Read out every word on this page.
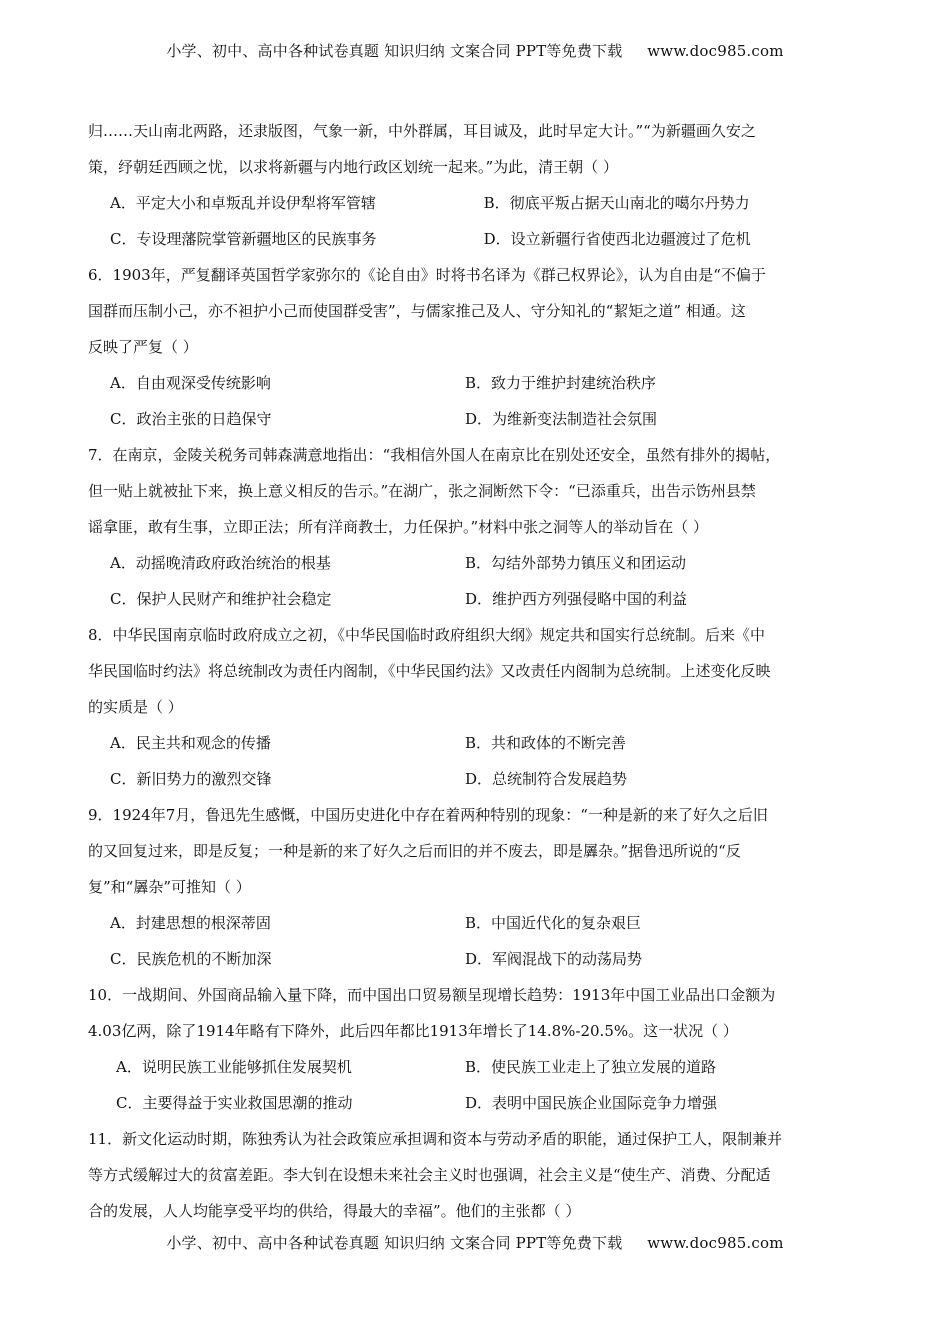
小学、初中、高中各种试卷真题 知识归纳 文案合同 PPT等免费下载     www.doc985.com
归……天山南北两路，还隶版图，气象一新，中外群属，耳目诚及，此时早定大计。”“为新疆画久安之
策，纾朝廷西顾之忧，以求将新疆与内地行政区划统一起来。”为此，清王朝（ ）
A．平定大小和卓叛乱并设伊犁将军管辖	B．彻底平叛占据天山南北的噶尔丹势力
C．专设理藩院掌管新疆地区的民族事务	D．设立新疆行省使西北边疆渡过了危机
6．1903年，严复翻译英国哲学家弥尔的《论自由》时将书名译为《群己权界论》，认为自由是“不偏于
国群而压制小己，亦不袒护小己而使国群受害”，与儒家推己及人、守分知礼的“絜矩之道” 相通。这
反映了严复（ ）
A．自由观深受传统影响	B．致力于维护封建统治秩序
C．政治主张的日趋保守	D．为维新变法制造社会氛围
7．在南京，金陵关税务司韩森满意地指出：“我相信外国人在南京比在别处还安全，虽然有排外的揭帖，
但一贴上就被扯下来，换上意义相反的告示。”在湖广，张之洞断然下令：“已添重兵，出告示饬州县禁
谣拿匪，敢有生事，立即正法；所有洋商教士，力任保护。”材料中张之洞等人的举动旨在（ ）
A．动摇晚清政府政治统治的根基	B．勾结外部势力镇压义和团运动
C．保护人民财产和维护社会稳定	D．维护西方列强侵略中国的利益
8．中华民国南京临时政府成立之初，《中华民国临时政府组织大纲》规定共和国实行总统制。后来《中
华民国临时约法》将总统制改为责任内阁制，《中华民国约法》又改责任内阁制为总统制。上述变化反映
的实质是（ ）
A．民主共和观念的传播	B．共和政体的不断完善
C．新旧势力的激烈交锋	D．总统制符合发展趋势
9．1924年7月，鲁迅先生感慨，中国历史进化中存在着两种特别的现象：“一种是新的来了好久之后旧
的又回复过来，即是反复；一种是新的来了好久之后而旧的并不废去，即是羼杂。”据鲁迅所说的“反
复”和“羼杂”可推知（ ）
A．封建思想的根深蒂固	B．中国近代化的复杂艰巨
C．民族危机的不断加深	D．军阀混战下的动荡局势
10．一战期间、外国商品输入量下降，而中国出口贸易额呈现增长趋势：1913年中国工业品出口金额为
4.03亿两，除了1914年略有下降外，此后四年都比1913年增长了14.8%-20.5%。这一状况（ ）
A．说明民族工业能够抓住发展契机	B．使民族工业走上了独立发展的道路
C．主要得益于实业救国思潮的推动	D．表明中国民族企业国际竞争力增强
11．新文化运动时期，陈独秀认为社会政策应承担调和资本与劳动矛盾的职能，通过保护工人，限制兼并
等方式缓解过大的贫富差距。李大钊在设想未来社会主义时也强调，社会主义是“使生产、消费、分配适
合的发展，人人均能享受平均的供给，得最大的幸福”。他们的主张都（ ）
小学、初中、高中各种试卷真题 知识归纳 文案合同 PPT等免费下载     www.doc985.com
